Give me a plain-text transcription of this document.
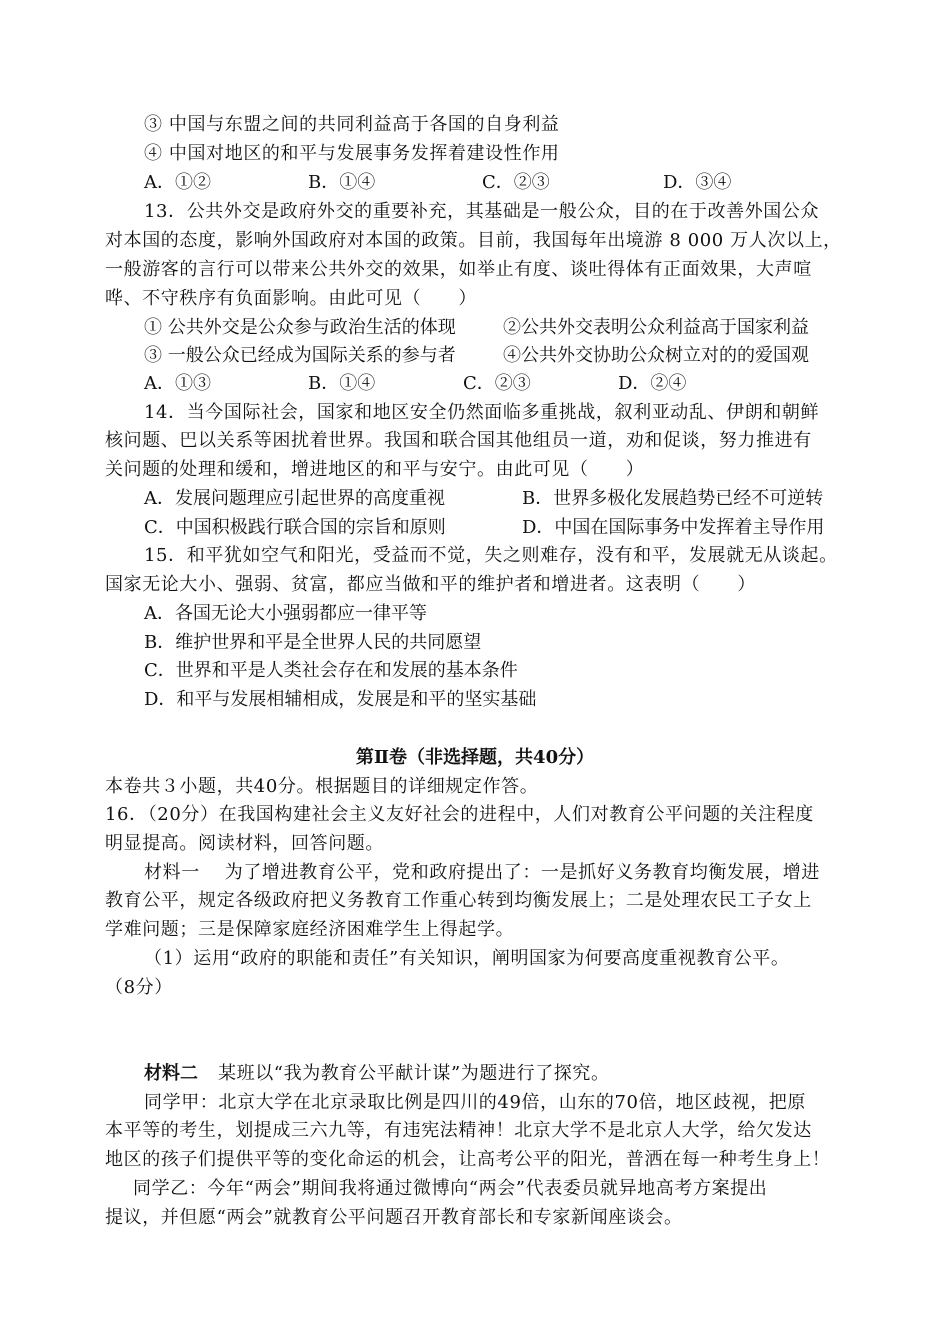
③ 中国与东盟之间的共同利益高于各国的自身利益
④ 中国对地区的和平与发展事务发挥着建设性作用
A．①②	B．①④	C．②③	D．③④
13．公共外交是政府外交的重要补充，其基础是一般公众，目的在于改善外国公众
对本国的态度，影响外国政府对本国的政策。目前，我国每年出境游 8 000 万人次以上，
一般游客的言行可以带来公共外交的效果，如举止有度、谈吐得体有正面效果，大声喧
哗、不守秩序有负面影响。由此可见（　　）
① 公共外交是公众参与政治生活的体现	②公共外交表明公众利益高于国家利益
③ 一般公众已经成为国际关系的参与者	④公共外交协助公众树立对的的爱国观
A．①③	B．①④	C．②③	D．②④
14．当今国际社会，国家和地区安全仍然面临多重挑战，叙利亚动乱、伊朗和朝鲜
核问题、巴以关系等困扰着世界。我国和联合国其他组员一道，劝和促谈，努力推进有
关问题的处理和缓和，增进地区的和平与安宁。由此可见（　　）
A．发展问题理应引起世界的高度重视	B．世界多极化发展趋势已经不可逆转
C．中国积极践行联合国的宗旨和原则	D．中国在国际事务中发挥着主导作用
15．和平犹如空气和阳光，受益而不觉，失之则难存，没有和平，发展就无从谈起。
国家无论大小、强弱、贫富，都应当做和平的维护者和增进者。这表明（　　）
A．各国无论大小强弱都应一律平等
B．维护世界和平是全世界人民的共同愿望
C．世界和平是人类社会存在和发展的基本条件
D．和平与发展相辅相成，发展是和平的坚实基础
第Ⅱ卷（非选择题，共40分）
本卷共３小题，共40分。根据题目的详细规定作答。
16．（20分）在我国构建社会主义友好社会的进程中，人们对教育公平问题的关注程度
明显提高。阅读材料，回答问题。
材料一　 为了增进教育公平，党和政府提出了：一是抓好义务教育均衡发展，增进
教育公平，规定各级政府把义务教育工作重心转到均衡发展上；二是处理农民工子女上
学难问题；三是保障家庭经济困难学生上得起学。
（1）运用“政府的职能和责任”有关知识，阐明国家为何要高度重视教育公平。
（8分）
材料二 某班以“我为教育公平献计谋”为题进行了探究。
同学甲：北京大学在北京录取比例是四川的49倍，山东的70倍，地区歧视，把原
本平等的考生，划提成三六九等，有违宪法精神！北京大学不是北京人大学，给欠发达
地区的孩子们提供平等的变化命运的机会，让高考公平的阳光，普洒在每一种考生身上！
同学乙：今年“两会”期间我将通过微博向“两会”代表委员就异地高考方案提出
提议，并但愿“两会”就教育公平问题召开教育部长和专家新闻座谈会。
